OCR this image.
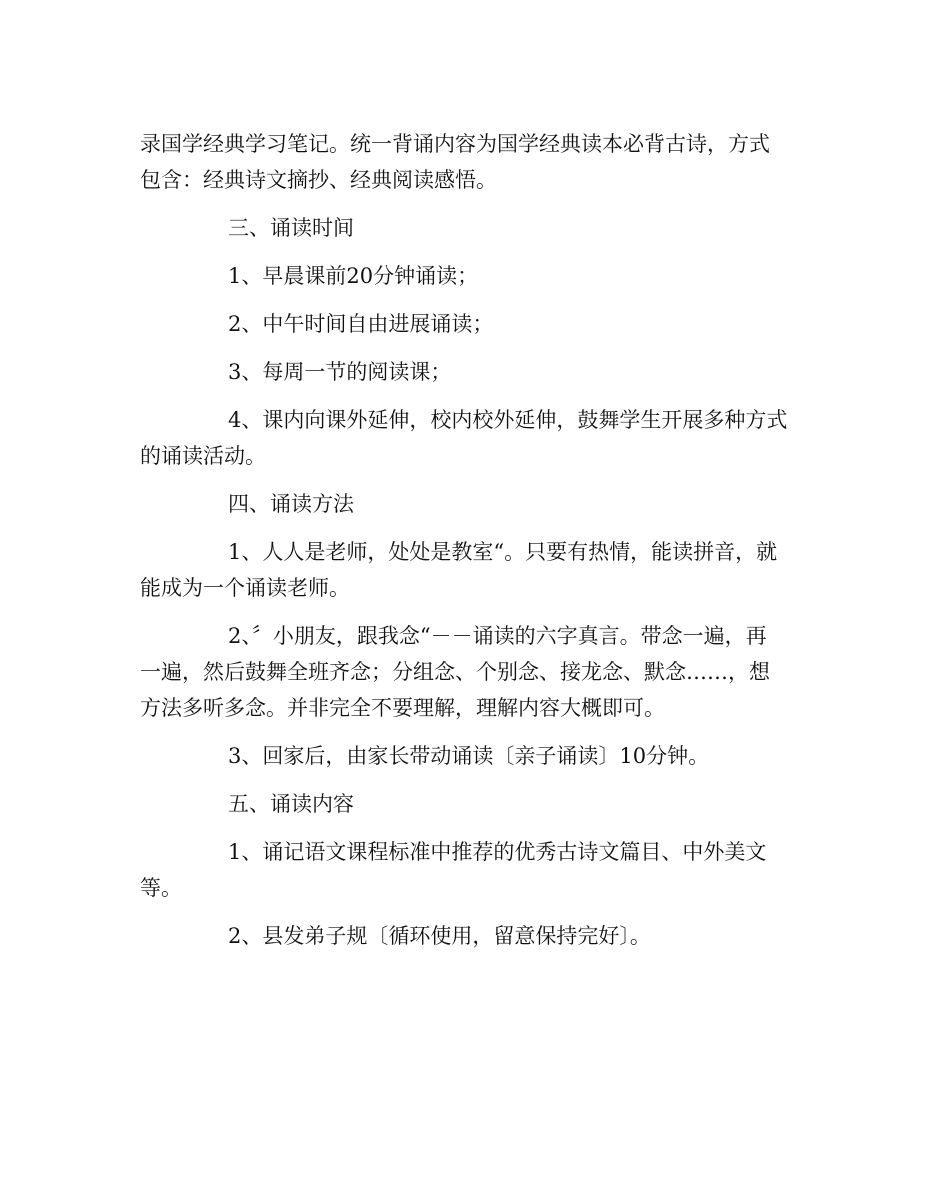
录国学经典学习笔记。统一背诵内容为国学经典读本必背古诗，方式
包含：经典诗文摘抄、经典阅读感悟。

三、诵读时间

1、早晨课前20分钟诵读；

2、中午时间自由进展诵读；

3、每周一节的阅读课；

4、课内向课外延伸，校内校外延伸，鼓舞学生开展多种方式
的诵读活动。

四、诵读方法

1、人人是老师，处处是教室“。只要有热情，能读拼音，就
能成为一个诵读老师。

2、〞小朋友，跟我念“－－诵读的六字真言。带念一遍，再
一遍，然后鼓舞全班齐念；分组念、个别念、接龙念、默念……，想
方法多听多念。并非完全不要理解，理解内容大概即可。

3、回家后，由家长带动诵读〔亲子诵读〕10分钟。

五、诵读内容

1、诵记语文课程标准中推荐的优秀古诗文篇目、中外美文
等。

2、县发弟子规〔循环使用，留意保持完好〕。
